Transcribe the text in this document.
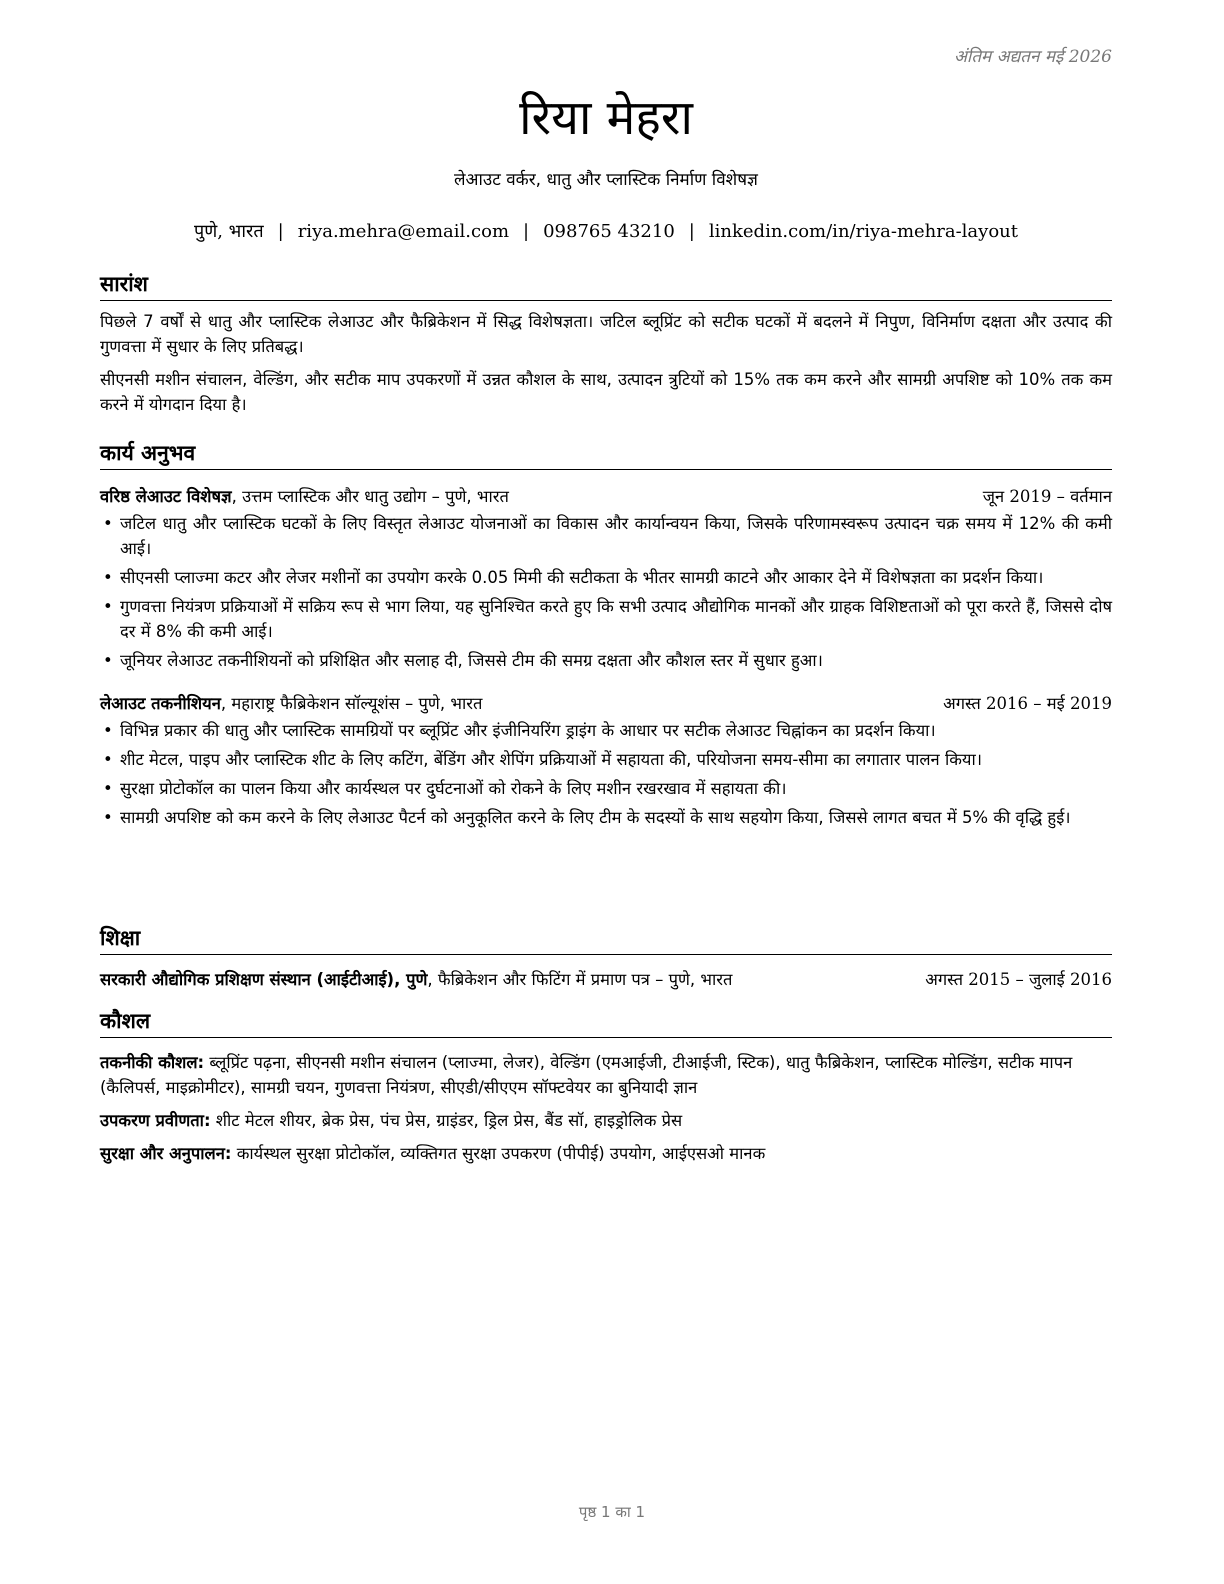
अंतिम अद्यतन मई 2026
रिया मेहरा

लेआउट वर्कर, धातु और प्लास्टिक निर्माण विशेषज्ञ

पुणे, भारत | riya.mehra@email.com | 098765 43210 | linkedin.com/in/riya-mehra-layout
सारांश

पिछले 7 वर्षों से धातु और प्लास्टिक लेआउट और फैब्रिकेशन में सिद्ध विशेषज्ञता। जटिल ब्लूप्रिंट को सटीक घटकों में बदलने में निपुण, विनिर्माण दक्षता और उत्पाद की गुणवत्ता में सुधार के लिए प्रतिबद्ध।

सीएनसी मशीन संचालन, वेल्डिंग, और सटीक माप उपकरणों में उन्नत कौशल के साथ, उत्पादन त्रुटियों को 15% तक कम करने और सामग्री अपशिष्ट को 10% तक कम करने में योगदान दिया है।

कार्य अनुभव
वरिष्ठ लेआउट विशेषज्ञ, उत्तम प्लास्टिक और धातु उद्योग – पुणे, भारत	जून 2019 – वर्तमान
• जटिल धातु और प्लास्टिक घटकों के लिए विस्तृत लेआउट योजनाओं का विकास और कार्यान्वयन किया, जिसके परिणामस्वरूप उत्पादन चक्र समय में 12% की कमी आई।
• सीएनसी प्लाज्मा कटर और लेजर मशीनों का उपयोग करके 0.05 मिमी की सटीकता के भीतर सामग्री काटने और आकार देने में विशेषज्ञता का प्रदर्शन किया।
• गुणवत्ता नियंत्रण प्रक्रियाओं में सक्रिय रूप से भाग लिया, यह सुनिश्चित करते हुए कि सभी उत्पाद औद्योगिक मानकों और ग्राहक विशिष्टताओं को पूरा करते हैं, जिससे दोष दर में 8% की कमी आई।
• जूनियर लेआउट तकनीशियनों को प्रशिक्षित और सलाह दी, जिससे टीम की समग्र दक्षता और कौशल स्तर में सुधार हुआ।
लेआउट तकनीशियन, महाराष्ट्र फैब्रिकेशन सॉल्यूशंस – पुणे, भारत	अगस्त 2016 – मई 2019
• विभिन्न प्रकार की धातु और प्लास्टिक सामग्रियों पर ब्लूप्रिंट और इंजीनियरिंग ड्राइंग के आधार पर सटीक लेआउट चिह्नांकन का प्रदर्शन किया।
• शीट मेटल, पाइप और प्लास्टिक शीट के लिए कटिंग, बेंडिंग और शेपिंग प्रक्रियाओं में सहायता की, परियोजना समय-सीमा का लगातार पालन किया।
• सुरक्षा प्रोटोकॉल का पालन किया और कार्यस्थल पर दुर्घटनाओं को रोकने के लिए मशीन रखरखाव में सहायता की।
• सामग्री अपशिष्ट को कम करने के लिए लेआउट पैटर्न को अनुकूलित करने के लिए टीम के सदस्यों के साथ सहयोग किया, जिससे लागत बचत में 5% की वृद्धि हुई।
शिक्षा
सरकारी औद्योगिक प्रशिक्षण संस्थान (आईटीआई), पुणे, फैब्रिकेशन और फिटिंग में प्रमाण पत्र – पुणे, भारत	अगस्त 2015 – जुलाई 2016
कौशल

तकनीकी कौशल: ब्लूप्रिंट पढ़ना, सीएनसी मशीन संचालन (प्लाज्मा, लेजर), वेल्डिंग (एमआईजी, टीआईजी, स्टिक), धातु फैब्रिकेशन, प्लास्टिक मोल्डिंग, सटीक मापन (कैलिपर्स, माइक्रोमीटर), सामग्री चयन, गुणवत्ता नियंत्रण, सीएडी/सीएएम सॉफ्टवेयर का बुनियादी ज्ञान

उपकरण प्रवीणता: शीट मेटल शीयर, ब्रेक प्रेस, पंच प्रेस, ग्राइंडर, ड्रिल प्रेस, बैंड सॉ, हाइड्रोलिक प्रेस

सुरक्षा और अनुपालन: कार्यस्थल सुरक्षा प्रोटोकॉल, व्यक्तिगत सुरक्षा उपकरण (पीपीई) उपयोग, आईएसओ मानक

पृष्ठ 1 का 1
